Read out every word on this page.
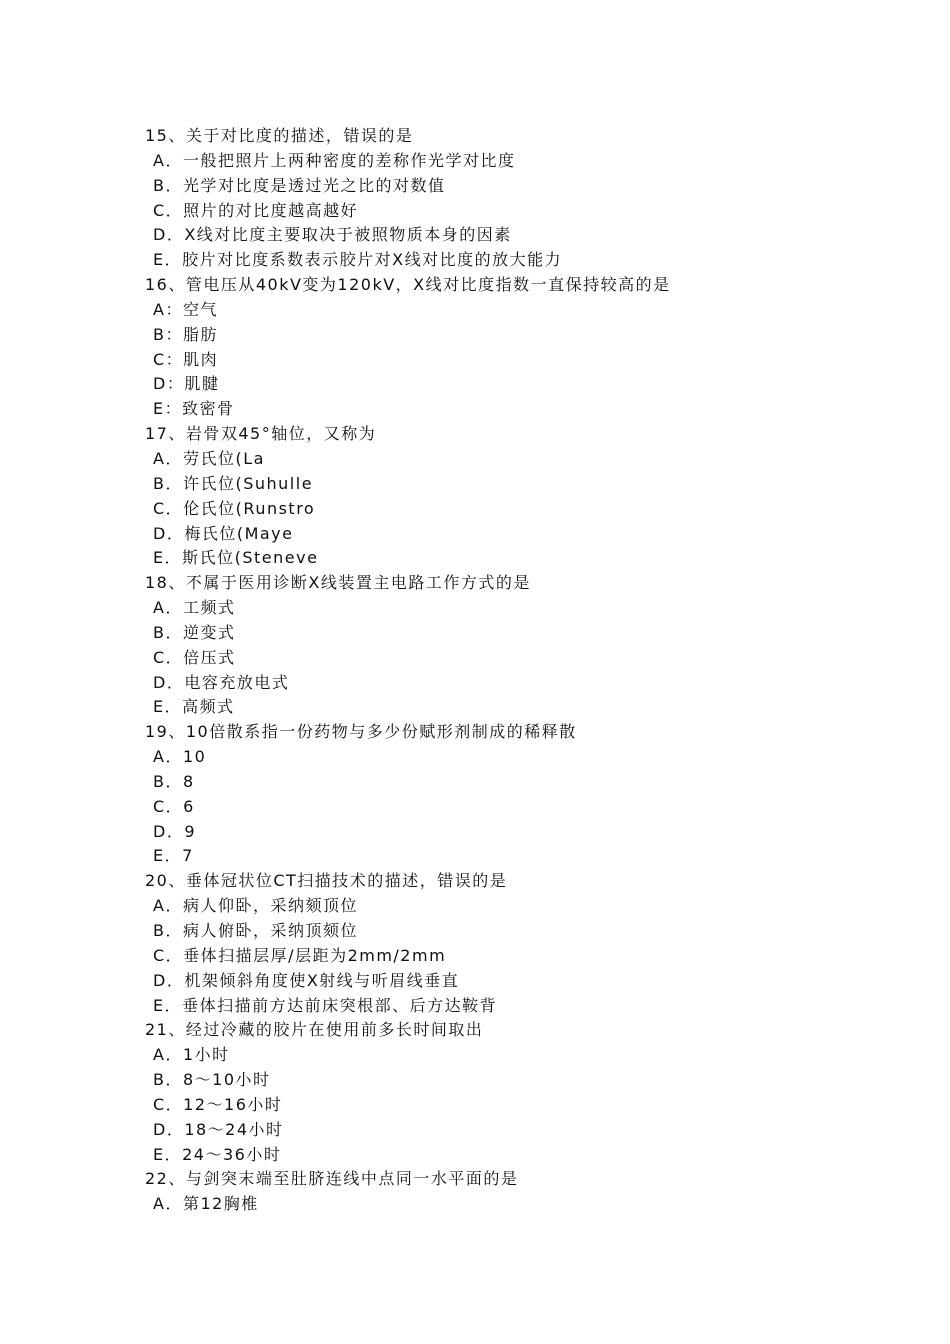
15、关于对比度的描述，错误的是
A．一般把照片上两种密度的差称作光学对比度
B．光学对比度是透过光之比的对数值
C．照片的对比度越高越好
D．X线对比度主要取决于被照物质本身的因素
E．胶片对比度系数表示胶片对X线对比度的放大能力
16、管电压从40kV变为120kV，X线对比度指数一直保持较高的是
A：空气
B：脂肪
C：肌肉
D：肌腱
E：致密骨
17、岩骨双45°轴位，又称为
A．劳氏位(La
B．许氏位(Suhulle
C．伦氏位(Runstro
D．梅氏位(Maye
E．斯氏位(Steneve
18、不属于医用诊断X线装置主电路工作方式的是
A．工频式
B．逆变式
C．倍压式
D．电容充放电式
E．高频式
19、10倍散系指一份药物与多少份赋形剂制成的稀释散
A．10
B．8
C．6
D．9
E．7
20、垂体冠状位CT扫描技术的描述，错误的是
A．病人仰卧，采纳颏顶位
B．病人俯卧，采纳顶颏位
C．垂体扫描层厚/层距为2mm/2mm
D．机架倾斜角度使X射线与听眉线垂直
E．垂体扫描前方达前床突根部、后方达鞍背
21、经过冷藏的胶片在使用前多长时间取出
A．1小时
B．8～10小时
C．12～16小时
D．18～24小时
E．24～36小时
22、与剑突末端至肚脐连线中点同一水平面的是
A．第12胸椎
